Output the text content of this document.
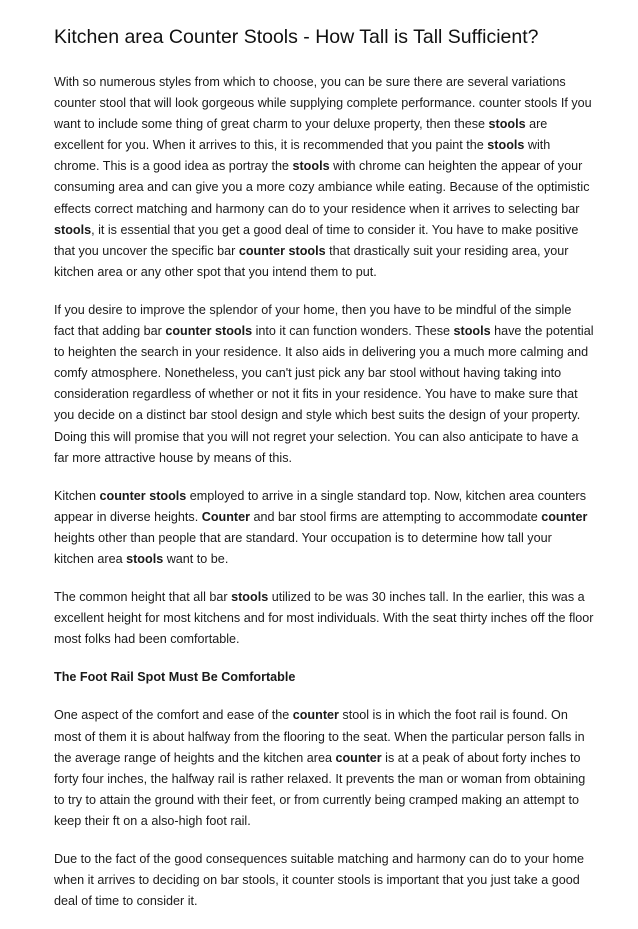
Kitchen area Counter Stools - How Tall is Tall Sufficient?

With so numerous styles from which to choose, you can be sure there are several variations counter stool that will look gorgeous while supplying complete performance. counter stools If you want to include some thing of great charm to your deluxe property, then these stools are excellent for you. When it arrives to this, it is recommended that you paint the stools with chrome. This is a good idea as portray the stools with chrome can heighten the appear of your consuming area and can give you a more cozy ambiance while eating. Because of the optimistic effects correct matching and harmony can do to your residence when it arrives to selecting bar stools, it is essential that you get a good deal of time to consider it. You have to make positive that you uncover the specific bar counter stools that drastically suit your residing area, your kitchen area or any other spot that you intend them to put.

If you desire to improve the splendor of your home, then you have to be mindful of the simple fact that adding bar counter stools into it can function wonders. These stools have the potential to heighten the search in your residence. It also aids in delivering you a much more calming and comfy atmosphere. Nonetheless, you can't just pick any bar stool without having taking into consideration regardless of whether or not it fits in your residence. You have to make sure that you decide on a distinct bar stool design and style which best suits the design of your property. Doing this will promise that you will not regret your selection. You can also anticipate to have a far more attractive house by means of this.

Kitchen counter stools employed to arrive in a single standard top. Now, kitchen area counters appear in diverse heights. Counter and bar stool firms are attempting to accommodate counter heights other than people that are standard. Your occupation is to determine how tall your kitchen area stools want to be.

The common height that all bar stools utilized to be was 30 inches tall. In the earlier, this was a excellent height for most kitchens and for most individuals. With the seat thirty inches off the floor most folks had been comfortable.

The Foot Rail Spot Must Be Comfortable

One aspect of the comfort and ease of the counter stool is in which the foot rail is found. On most of them it is about halfway from the flooring to the seat. When the particular person falls in the average range of heights and the kitchen area counter is at a peak of about forty inches to forty four inches, the halfway rail is rather relaxed. It prevents the man or woman from obtaining to try to attain the ground with their feet, or from currently being cramped making an attempt to keep their ft on a also-high foot rail.

Due to the fact of the good consequences suitable matching and harmony can do to your home when it arrives to deciding on bar stools, it counter stools is important that you just take a good deal of time to consider it.
